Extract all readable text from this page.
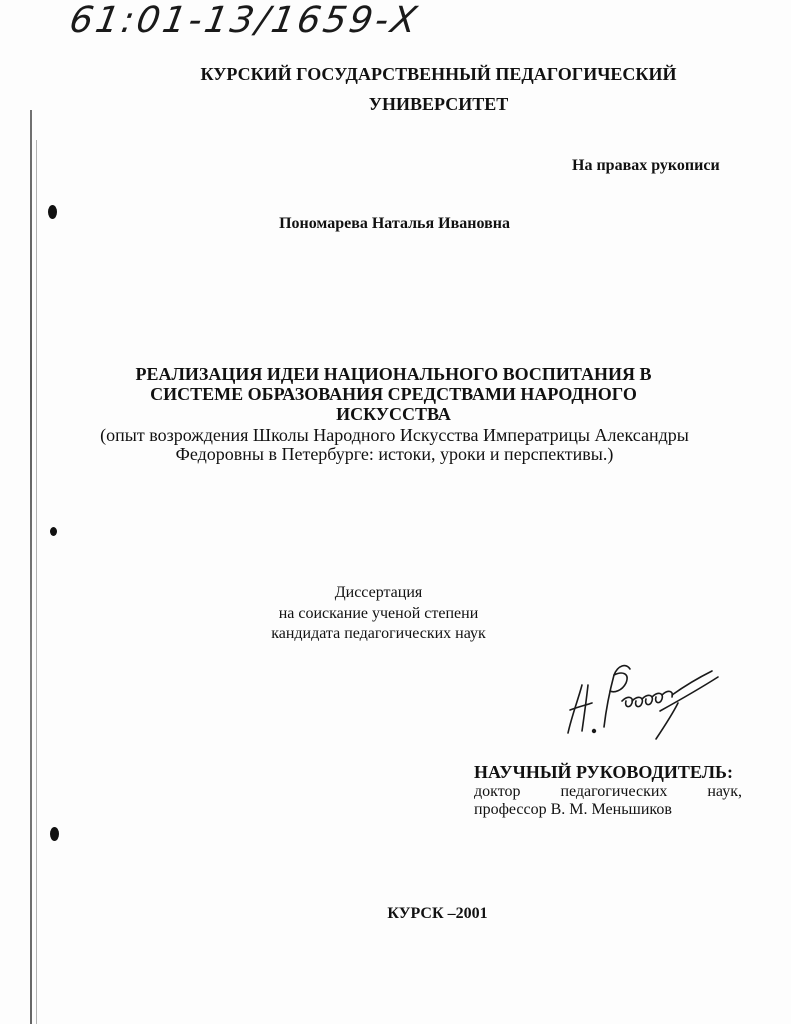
61:01-13/1659-Х
КУРСКИЙ ГОСУДАРСТВЕННЫЙ ПЕДАГОГИЧЕСКИЙ
УНИВЕРСИТЕТ
На правах рукописи
Пономарева Наталья Ивановна
РЕАЛИЗАЦИЯ ИДЕИ НАЦИОНАЛЬНОГО ВОСПИТАНИЯ В
СИСТЕМЕ ОБРАЗОВАНИЯ СРЕДСТВАМИ НАРОДНОГО
ИСКУССТВА
(опыт возрождения Школы Народного Искусства Императрицы Александры
Федоровны в Петербурге: истоки, уроки и перспективы.)
Диссертация
на соискание ученой степени
кандидата педагогических наук
НАУЧНЫЙ РУКОВОДИТЕЛЬ:
доктор педагогических наук,
профессор В. М. Меньшиков
КУРСК –2001
